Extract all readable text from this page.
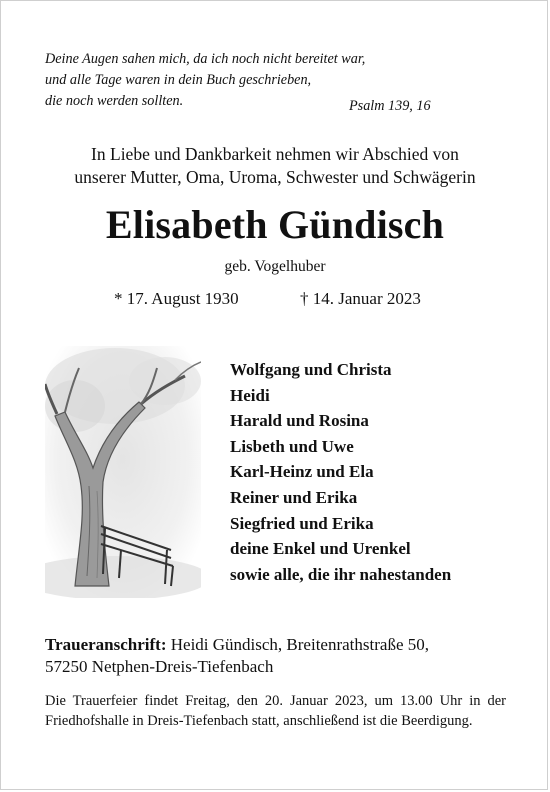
Deine Augen sahen mich, da ich noch nicht bereitet war,
und alle Tage waren in dein Buch geschrieben,
die noch werden sollten.	Psalm 139, 16
In Liebe und Dankbarkeit nehmen wir Abschied von
unserer Mutter, Oma, Uroma, Schwester und Schwägerin
Elisabeth Gündisch
geb. Vogelhuber
* 17. August 1930	† 14. Januar 2023
Wolfgang und Christa
Heidi
Harald und Rosina
Lisbeth und Uwe
Karl-Heinz und Ela
Reiner und Erika
Siegfried und Erika
deine Enkel und Urenkel
sowie alle, die ihr nahestanden
Traueranschrift: Heidi Gündisch, Breitenrathstraße 50,
57250 Netphen-Dreis-Tiefenbach
Die Trauerfeier findet Freitag, den 20. Januar 2023, um 13.00 Uhr in der Friedhofshalle in Dreis-Tiefenbach statt, anschließend ist die Beerdigung.
